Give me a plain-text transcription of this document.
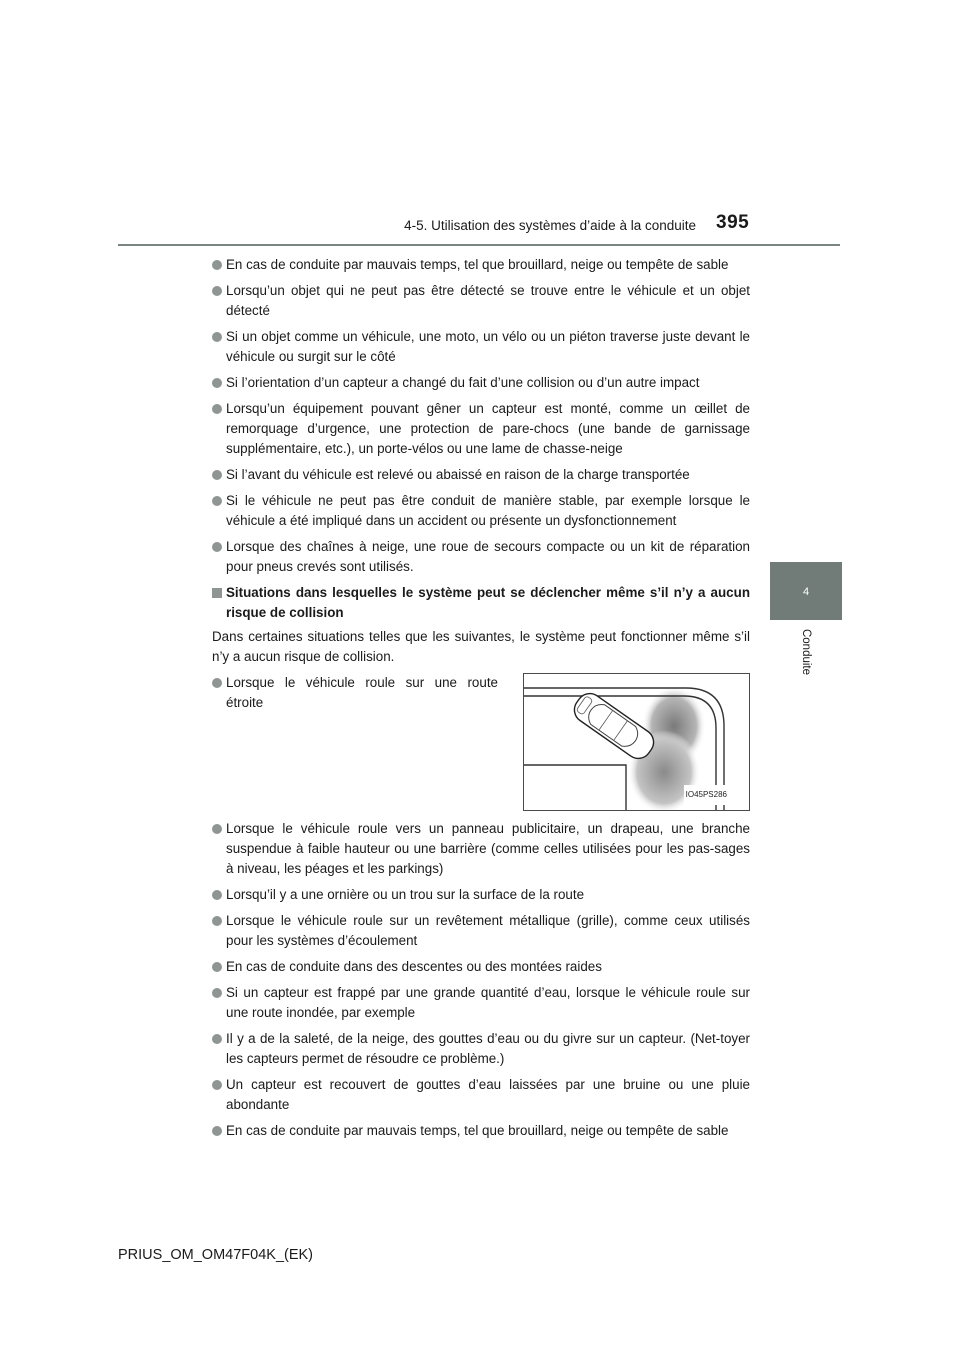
4-5. Utilisation des systèmes d’aide à la conduite 395
4
Conduite
En cas de conduite par mauvais temps, tel que brouillard, neige ou tempête de sable
Lorsqu’un objet qui ne peut pas être détecté se trouve entre le véhicule et un objet détecté
Si un objet comme un véhicule, une moto, un vélo ou un piéton traverse juste devant le véhicule ou surgit sur le côté
Si l’orientation d’un capteur a changé du fait d’une collision ou d’un autre impact
Lorsqu’un équipement pouvant gêner un capteur est monté, comme un œillet de remorquage d’urgence, une protection de pare-chocs (une bande de garnissage supplémentaire, etc.), un porte-vélos ou une lame de chasse-neige
Si l’avant du véhicule est relevé ou abaissé en raison de la charge transportée
Si le véhicule ne peut pas être conduit de manière stable, par exemple lorsque le véhicule a été impliqué dans un accident ou présente un dysfonctionnement
Lorsque des chaînes à neige, une roue de secours compacte ou un kit de réparation pour pneus crevés sont utilisés.
Situations dans lesquelles le système peut se déclencher même s’il n’y a aucun risque de collision
Dans certaines situations telles que les suivantes, le système peut fonctionner même s’il n’y a aucun risque de collision.
Lorsque le véhicule roule sur une route étroite
IO45PS286
Lorsque le véhicule roule vers un panneau publicitaire, un drapeau, une branche suspendue à faible hauteur ou une barrière (comme celles utilisées pour les pas-sages à niveau, les péages et les parkings)
Lorsqu’il y a une ornière ou un trou sur la surface de la route
Lorsque le véhicule roule sur un revêtement métallique (grille), comme ceux utilisés pour les systèmes d’écoulement
En cas de conduite dans des descentes ou des montées raides
Si un capteur est frappé par une grande quantité d’eau, lorsque le véhicule roule sur une route inondée, par exemple
Il y a de la saleté, de la neige, des gouttes d’eau ou du givre sur un capteur. (Net-toyer les capteurs permet de résoudre ce problème.)
Un capteur est recouvert de gouttes d’eau laissées par une bruine ou une pluie abondante
En cas de conduite par mauvais temps, tel que brouillard, neige ou tempête de sable
PRIUS_OM_OM47F04K_(EK)
